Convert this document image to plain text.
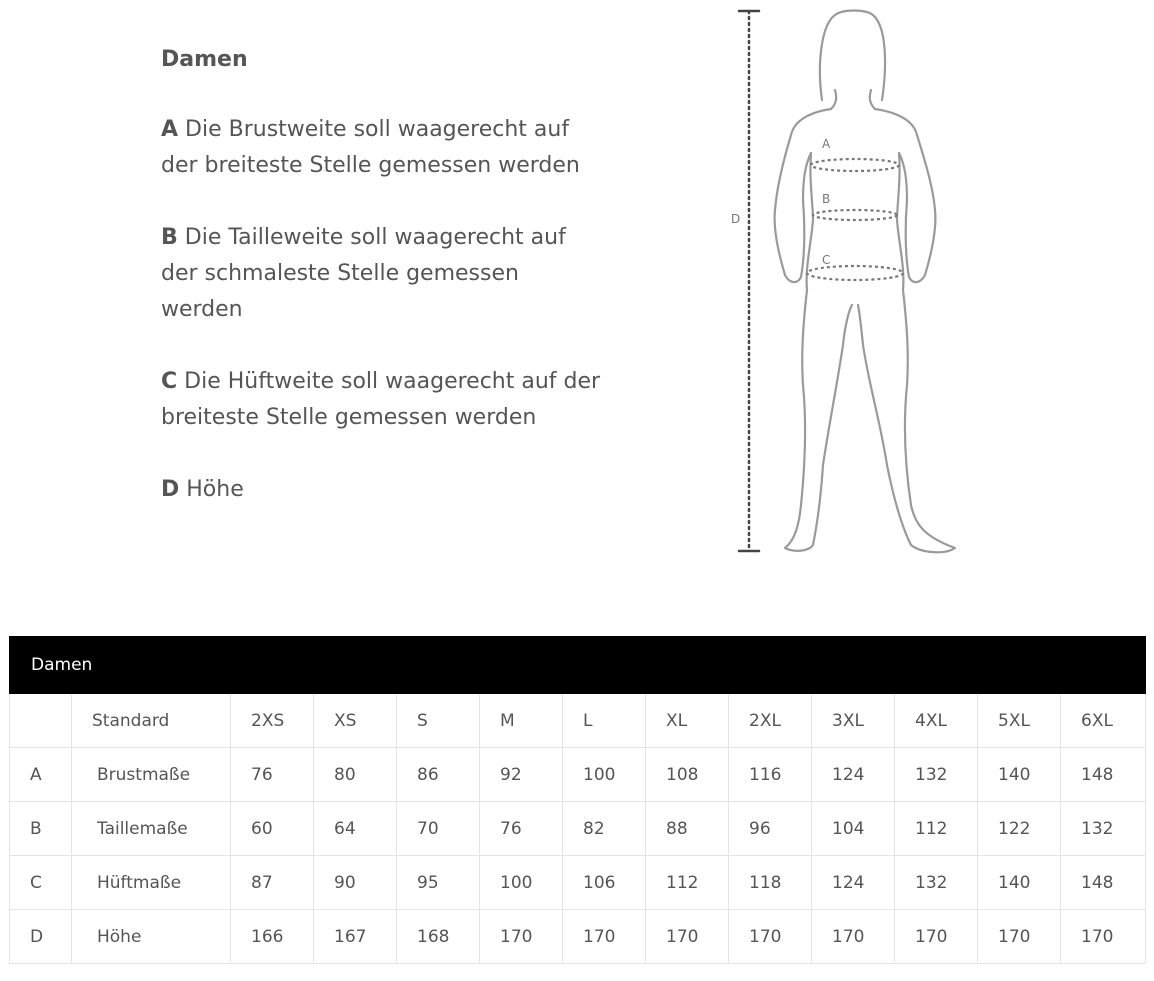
Damen
A Die Brustweite soll waagerecht auf der breiteste Stelle gemessen werden
B Die Tailleweite soll waagerecht auf der schmaleste Stelle gemessen werden
C Die Hüftweite soll waagerecht auf der breiteste Stelle gemessen werden
D Höhe
A
B
C
D
Damen												
	Standard	2XS	XS	S	M	L	XL	2XL	3XL	4XL	5XL	6XL
A	Brustmaße	76	80	86	92	100	108	116	124	132	140	148
B	Taillemaße	60	64	70	76	82	88	96	104	112	122	132
C	Hüftmaße	87	90	95	100	106	112	118	124	132	140	148
D	Höhe	166	167	168	170	170	170	170	170	170	170	170
